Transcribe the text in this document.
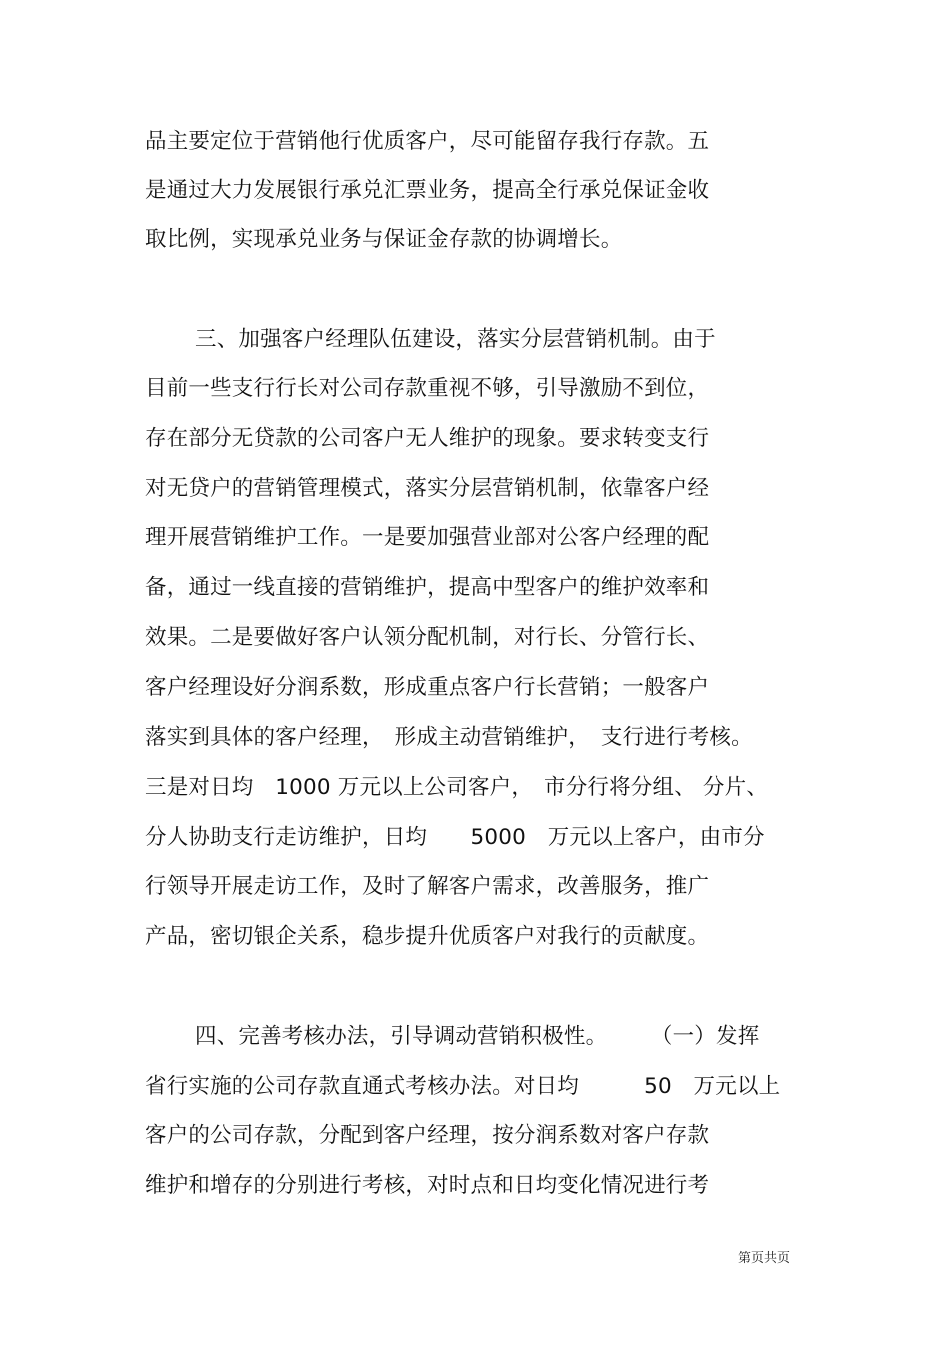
品主要定位于营销他行优质客户，尽可能留存我行存款。五
是通过大力发展银行承兑汇票业务，提高全行承兑保证金收
取比例，实现承兑业务与保证金存款的协调增长。
三、加强客户经理队伍建设，落实分层营销机制。由于
目前一些支行行长对公司存款重视不够，引导激励不到位，
存在部分无贷款的公司客户无人维护的现象。要求转变支行
对无贷户的营销管理模式，落实分层营销机制，依靠客户经
理开展营销维护工作。一是要加强营业部对公客户经理的配
备，通过一线直接的营销维护，提高中型客户的维护效率和
效果。二是要做好客户认领分配机制，对行长、分管行长、
客户经理设好分润系数，形成重点客户行长营销；一般客户
落实到具体的客户经理，　形成主动营销维护，　支行进行考核。
三是对日均　1000 万元以上公司客户，　市分行将分组、 分片、
分人协助支行走访维护，日均　　5000　万元以上客户，由市分
行领导开展走访工作，及时了解客户需求，改善服务，推广
产品，密切银企关系，稳步提升优质客户对我行的贡献度。
四、完善考核办法，引导调动营销积极性。　　　（一）发挥
省行实施的公司存款直通式考核办法。对日均　　　50　万元以上
客户的公司存款，分配到客户经理，按分润系数对客户存款
维护和增存的分别进行考核，对时点和日均变化情况进行考
第页共页
